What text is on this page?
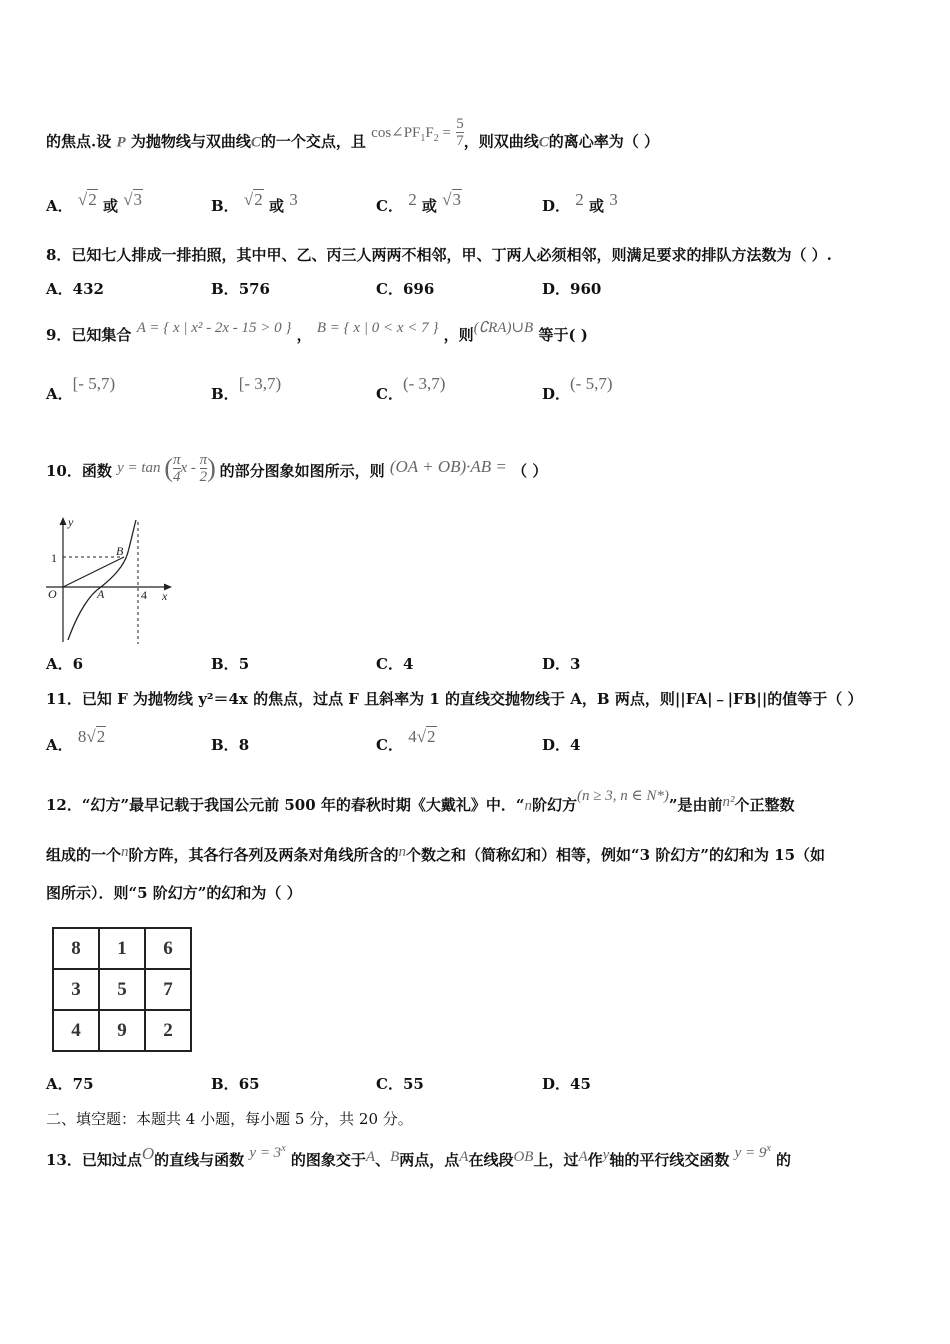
的焦点.设 P 为抛物线与双曲线C的一个交点，且 $\cos\angle PF_1F_2 = \frac{5}{7}$ ，则双曲线C的离心率为（ ）
A． √2 或 √3	B． √2 或 3	C． 2 或 √3	D． 2 或 3
8．已知七人排成一排拍照，其中甲、乙、丙三人两两不相邻，甲、丁两人必须相邻，则满足要求的排队方法数为（ ）.
A．432	B．576	C．696	D．960
9．已知集合 A = { x | x² - 2x - 15 > 0 } ， B = { x | 0 < x < 7 } ，则(∁RA)∪B 等于( )
A．[- 5,7)
B．[- 3,7)
C．(- 3,7)
D．(- 5,7)
10．函数 y = tan ( $\frac{\pi}{4}$ x - $\frac{\pi}{2}$ ) 的部分图象如图所示，则 (OA + OB)·AB = （ ）
y
x
O
1
4
A
B
A．6	B．5	C．4	D．3
11．已知 F 为抛物线 y²＝4x 的焦点，过点 F 且斜率为 1 的直线交抛物线于 A，B 两点，则||FA|﹣|FB||的值等于（ ）
A． 8√2	B．8	C． 4√2	D．4
12．“幻方”最早记载于我国公元前 500 年的春秋时期《大戴礼》中．“n阶幻方(n ≥ 3, n ∈ N*)”是由前n²个正整数
组成的一个n阶方阵，其各行各列及两条对角线所含的n个数之和（简称幻和）相等，例如“3 阶幻方”的幻和为 15（如
图所示）．则“5 阶幻方”的幻和为（ ）
8	1	6
3	5	7
4	9	2
A．75	B．65	C．55	D．45
二、填空题：本题共 4 小题，每小题 5 分，共 20 分。
13．已知过点O的直线与函数 $y = 3^x$ 的图象交于A、B两点，点A在线段OB上，过A作y轴的平行线交函数 $y = 9^x$ 的
